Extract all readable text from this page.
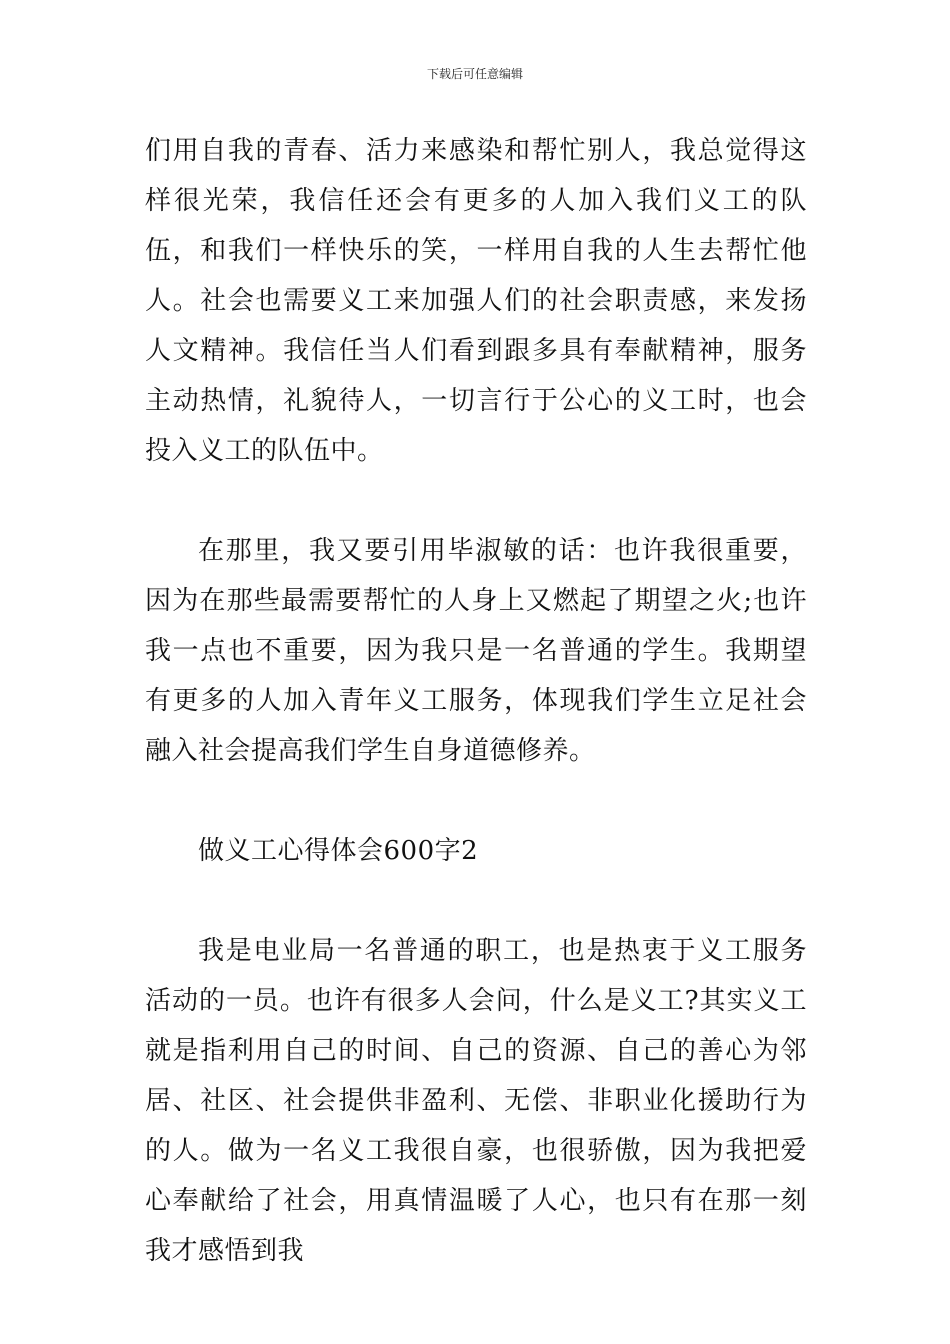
下载后可任意编辑

们用自我的青春、活力来感染和帮忙别人，我总觉得这样很光荣，我信任还会有更多的人加入我们义工的队伍，和我们一样快乐的笑，一样用自我的人生去帮忙他人。社会也需要义工来加强人们的社会职责感，来发扬人文精神。我信任当人们看到跟多具有奉献精神，服务主动热情，礼貌待人，一切言行于公心的义工时，也会投入义工的队伍中。

在那里，我又要引用毕淑敏的话：也许我很重要，因为在那些最需要帮忙的人身上又燃起了期望之火;也许我一点也不重要，因为我只是一名普通的学生。我期望有更多的人加入青年义工服务，体现我们学生立足社会融入社会提高我们学生自身道德修养。

做义工心得体会600字2

我是电业局一名普通的职工，也是热衷于义工服务活动的一员。也许有很多人会问，什么是义工?其实义工就是指利用自己的时间、自己的资源、自己的善心为邻居、社区、社会提供非盈利、无偿、非职业化援助行为的人。做为一名义工我很自豪，也很骄傲，因为我把爱心奉献给了社会，用真情温暖了人心，也只有在那一刻我才感悟到我
